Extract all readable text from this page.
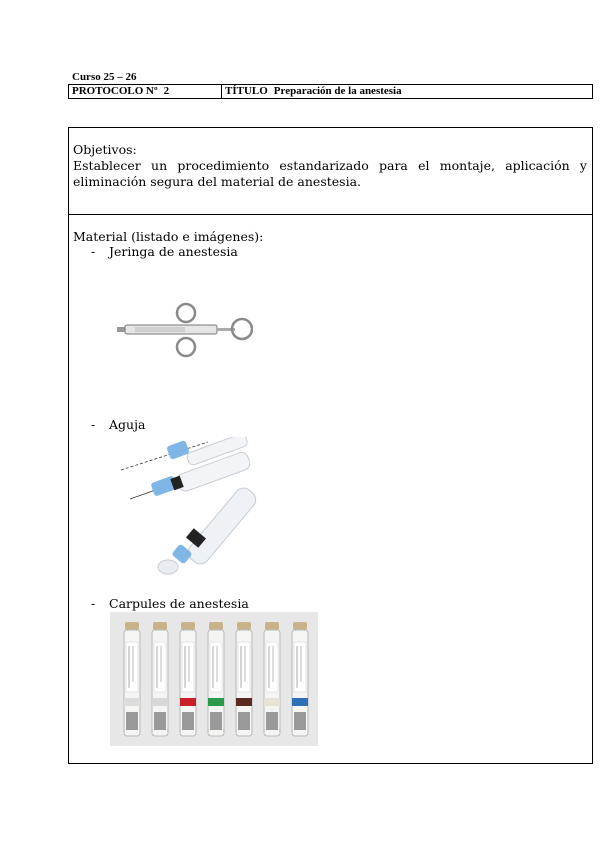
Curso 25 – 26
PROTOCOLO Nº 2	TÍTULO Preparación de la anestesia
Objetivos:
Establecer un procedimiento estandarizado para el montaje, aplicación y eliminación segura del material de anestesia.
Material (listado e imágenes):
- Jeringa de anestesia
- Aguja
- Carpules de anestesia
